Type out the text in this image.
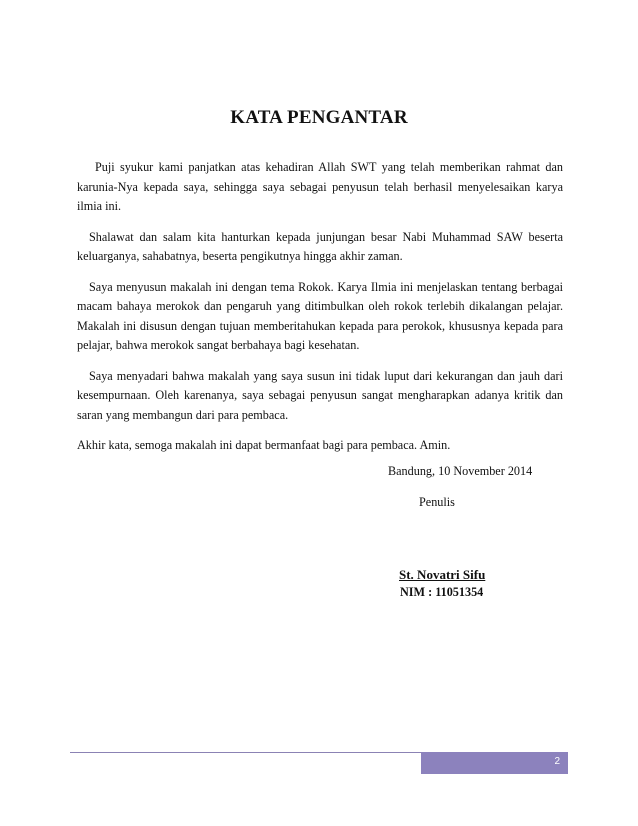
KATA PENGANTAR

Puji syukur kami panjatkan atas kehadiran Allah SWT yang telah memberikan rahmat dan karunia-Nya kepada saya, sehingga saya sebagai penyusun telah berhasil menyelesaikan karya ilmia ini.

Shalawat dan salam kita hanturkan kepada junjungan besar Nabi Muhammad SAW beserta keluarganya, sahabatnya, beserta pengikutnya hingga akhir zaman.

Saya menyusun makalah ini dengan tema Rokok. Karya Ilmia ini menjelaskan tentang berbagai macam bahaya merokok dan pengaruh yang ditimbulkan oleh rokok terlebih dikalangan pelajar. Makalah ini disusun dengan tujuan memberitahukan kepada para perokok, khususnya kepada para pelajar, bahwa merokok sangat berbahaya bagi kesehatan.

Saya menyadari bahwa makalah yang saya susun ini tidak luput dari kekurangan dan jauh dari kesempurnaan. Oleh karenanya, saya sebagai penyusun sangat mengharapkan adanya kritik dan saran yang membangun dari para pembaca.

Akhir kata, semoga makalah ini dapat bermanfaat bagi para pembaca. Amin.

Bandung, 10 November 2014
Penulis
St. Novatri Sifu
NIM : 11051354
2
